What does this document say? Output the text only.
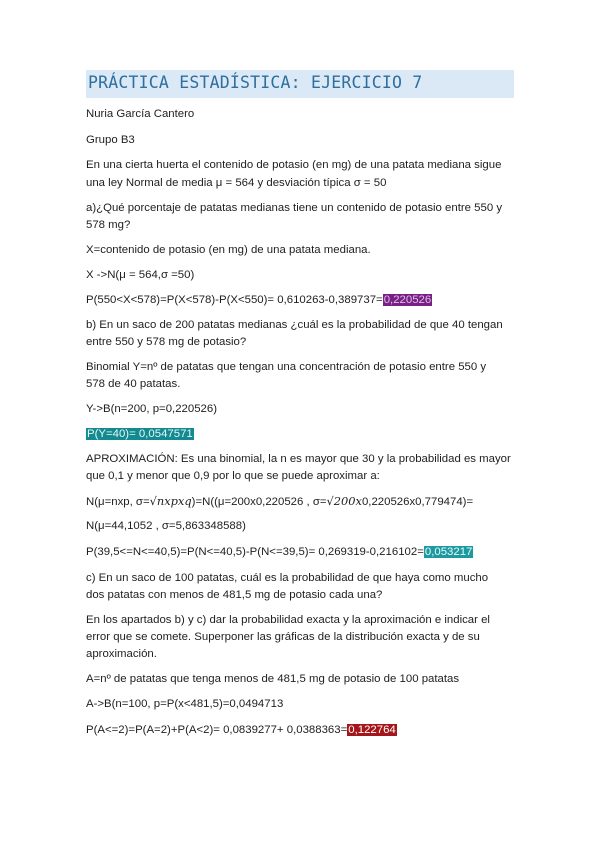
PRÁCTICA ESTADÍSTICA: EJERCICIO 7
Nuria García Cantero
Grupo B3
En una cierta huerta el contenido de potasio (en mg) de una patata mediana sigue
una ley Normal de media μ = 564 y desviación típica σ = 50
a)¿Qué porcentaje de patatas medianas tiene un contenido de potasio entre 550 y
578 mg?
X=contenido de potasio (en mg) de una patata mediana.
X ->N(μ = 564,σ =50)
P(550<X<578)=P(X<578)-P(X<550)= 0,610263-0,389737=0,220526
b) En un saco de 200 patatas medianas ¿cuál es la probabilidad de que 40 tengan
entre 550 y 578 mg de potasio?
Binomial Y=nº de patatas que tengan una concentración de potasio entre 550 y
578 de 40 patatas.
Y->B(n=200, p=0,220526)
P(Y=40)= 0,0547571
APROXIMACIÓN: Es una binomial, la n es mayor que 30 y la probabilidad es mayor
que 0,1 y menor que 0,9 por lo que se puede aproximar a:
N(μ=nxp, σ=√nxpxq)=N((μ=200x0,220526 , σ=√200x0,220526x0,779474)=
N(μ=44,1052 , σ=5,863348588)
P(39,5<=N<=40,5)=P(N<=40,5)-P(N<=39,5)= 0,269319-0,216102=0,053217
c) En un saco de 100 patatas, cuál es la probabilidad de que haya como mucho
dos patatas con menos de 481,5 mg de potasio cada una?
En los apartados b) y c) dar la probabilidad exacta y la aproximación e indicar el
error que se comete. Superponer las gráficas de la distribución exacta y de su
aproximación.
A=nº de patatas que tenga menos de 481,5 mg de potasio de 100 patatas
A->B(n=100, p=P(x<481,5)=0,0494713
P(A<=2)=P(A=2)+P(A<2)= 0,0839277+ 0,0388363=0,122764
